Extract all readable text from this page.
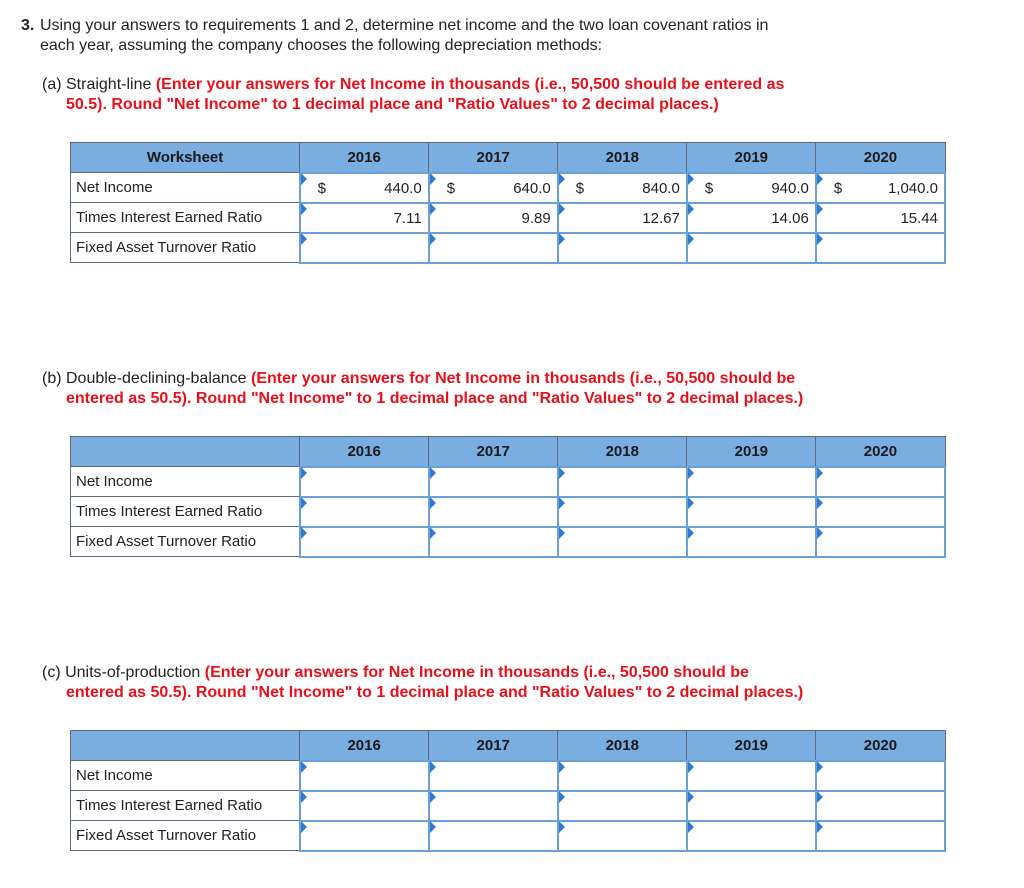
3. Using your answers to requirements 1 and 2, determine net income and the two loan covenant ratios in
each year, assuming the company chooses the following depreciation methods:
(a) Straight-line (Enter your answers for Net Income in thousands (i.e., 50,500 should be entered as
50.5). Round "Net Income" to 1 decimal place and "Ratio Values" to 2 decimal places.)
Worksheet	2016	2017	2018	2019	2020
Net Income	$ 440.0	$ 640.0	$ 840.0	$ 940.0	$ 1,040.0

Times Interest Earned Ratio	7.11	9.89	12.67	14.06	15.44

Fixed Asset Turnover Ratio	

(b) Double-declining-balance (Enter your answers for Net Income in thousands (i.e., 50,500 should be
entered as 50.5). Round "Net Income" to 1 decimal place and "Ratio Values" to 2 decimal places.)
	2016	2017	2018	2019	2020
Net Income	

Times Interest Earned Ratio	

Fixed Asset Turnover Ratio	

(c) Units-of-production (Enter your answers for Net Income in thousands (i.e., 50,500 should be
entered as 50.5). Round "Net Income" to 1 decimal place and "Ratio Values" to 2 decimal places.)
	2016	2017	2018	2019	2020
Net Income	

Times Interest Earned Ratio	

Fixed Asset Turnover Ratio	
